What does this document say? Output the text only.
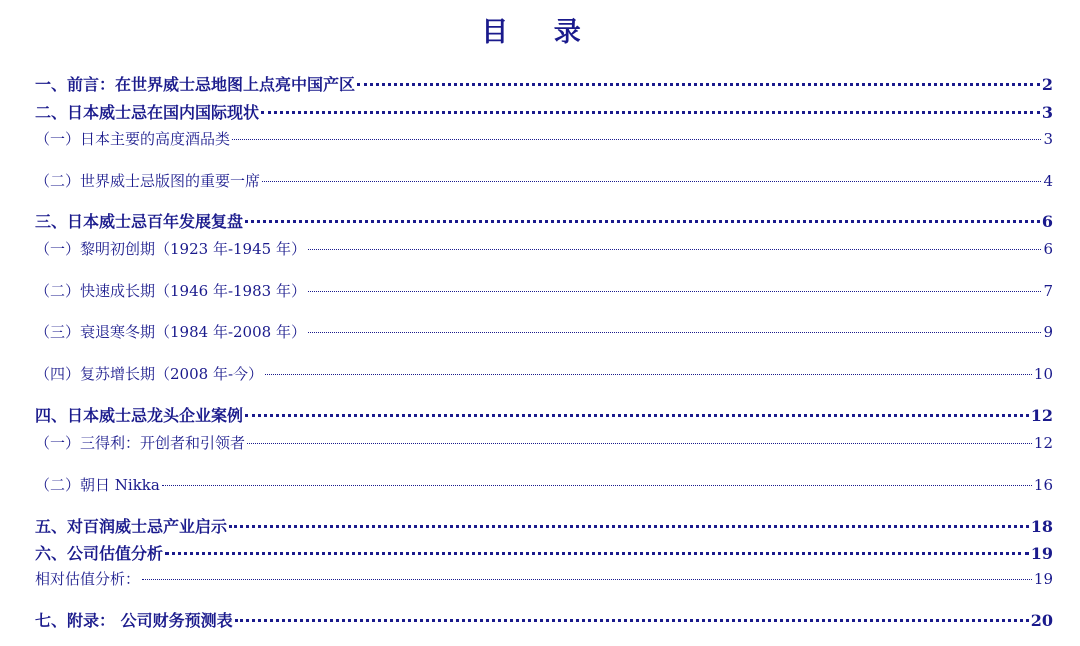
目 录
一、前言：在世界威士忌地图上点亮中国产区	2
二、日本威士忌在国内国际现状	3
（一）日本主要的高度酒品类	3
（二）世界威士忌版图的重要一席	4
三、日本威士忌百年发展复盘	6
（一）黎明初创期（1923 年-1945 年）	6
（二）快速成长期（1946 年-1983 年）	7
（三）衰退寒冬期（1984 年-2008 年）	9
（四）复苏增长期（2008 年-今）	10
四、日本威士忌龙头企业案例	12
（一）三得利：开创者和引领者	12
（二）朝日 Nikka	16
五、对百润威士忌产业启示	18
六、公司估值分析	19
相对估值分析：	19
七、附录： 公司财务预测表	20
